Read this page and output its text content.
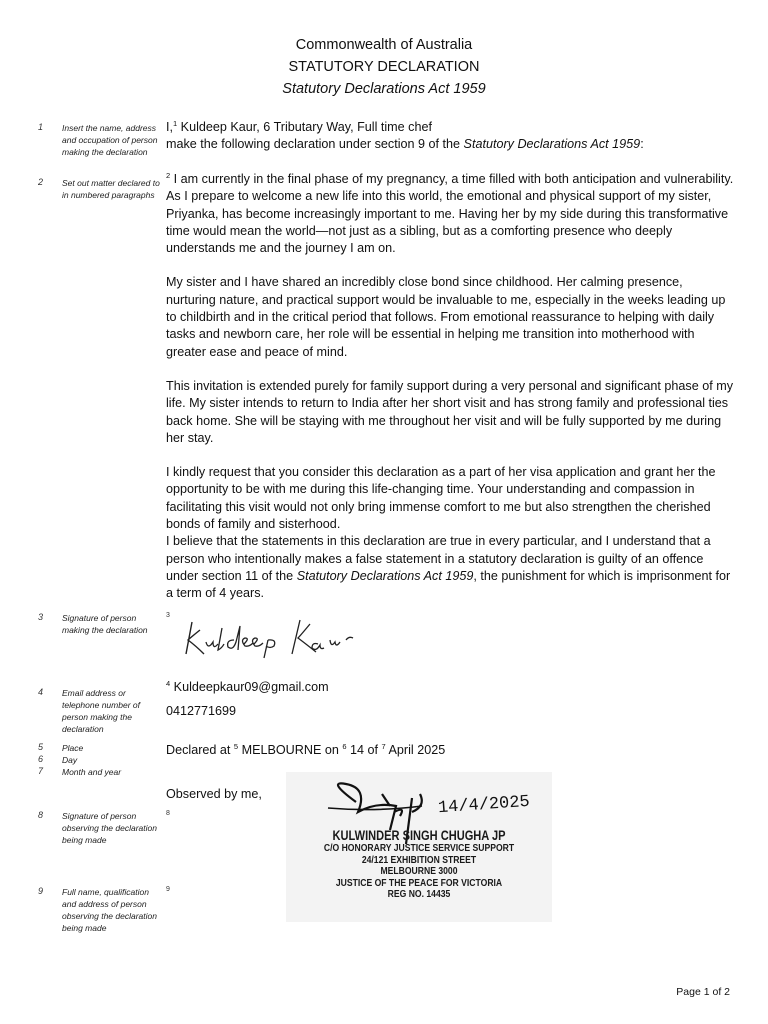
Commonwealth of Australia
STATUTORY DECLARATION
Statutory Declarations Act 1959
1 Insert the name, address and occupation of person making the declaration
2 Set out matter declared to in numbered paragraphs
3 Signature of person making the declaration
4 Email address or telephone number of person making the declaration
5 Place
6 Day
7 Month and year
8 Signature of person observing the declaration being made
9 Full name, qualification and address of person observing the declaration being made

I,$^1$ Kuldeep Kaur, 6 Tributary Way, Full time chef

make the following declaration under section 9 of the Statutory Declarations Act 1959:

$^2$ I am currently in the final phase of my pregnancy, a time filled with both anticipation and vulnerability. As I prepare to welcome a new life into this world, the emotional and physical support of my sister, Priyanka, has become increasingly important to me. Having her by my side during this transformative time would mean the world—not just as a sibling, but as a comforting presence who deeply understands me and the journey I am on.

My sister and I have shared an incredibly close bond since childhood. Her calming presence, nurturing nature, and practical support would be invaluable to me, especially in the weeks leading up to childbirth and in the critical period that follows. From emotional reassurance to helping with daily tasks and newborn care, her role will be essential in helping me transition into motherhood with greater ease and peace of mind.

This invitation is extended purely for family support during a very personal and significant phase of my life. My sister intends to return to India after her short visit and has strong family and professional ties back home. She will be staying with me throughout her visit and will be fully supported by me during her stay.

I kindly request that you consider this declaration as a part of her visa application and grant her the opportunity to be with me during this life-changing time. Your understanding and compassion in facilitating this visit would not only bring immense comfort to me but also strengthen the cherished bonds of family and sisterhood.

I believe that the statements in this declaration are true in every particular, and I understand that a person who intentionally makes a false statement in a statutory declaration is guilty of an offence under section 11 of the Statutory Declarations Act 1959, the punishment for which is imprisonment for a term of 4 years.

3

$^4$ Kuldeepkaur09@gmail.com

0412771699

Declared at $^5$ MELBOURNE on $^6$ 14 of $^7$ April 2025

Observed by me,

8
9
14/4/2025
KULWINDER SINGH CHUGHA JP
C/O HONORARY JUSTICE SERVICE SUPPORT
24/121 EXHIBITION STREET
MELBOURNE 3000
JUSTICE OF THE PEACE FOR VICTORIA
REG NO. 14435
Page 1 of 2
